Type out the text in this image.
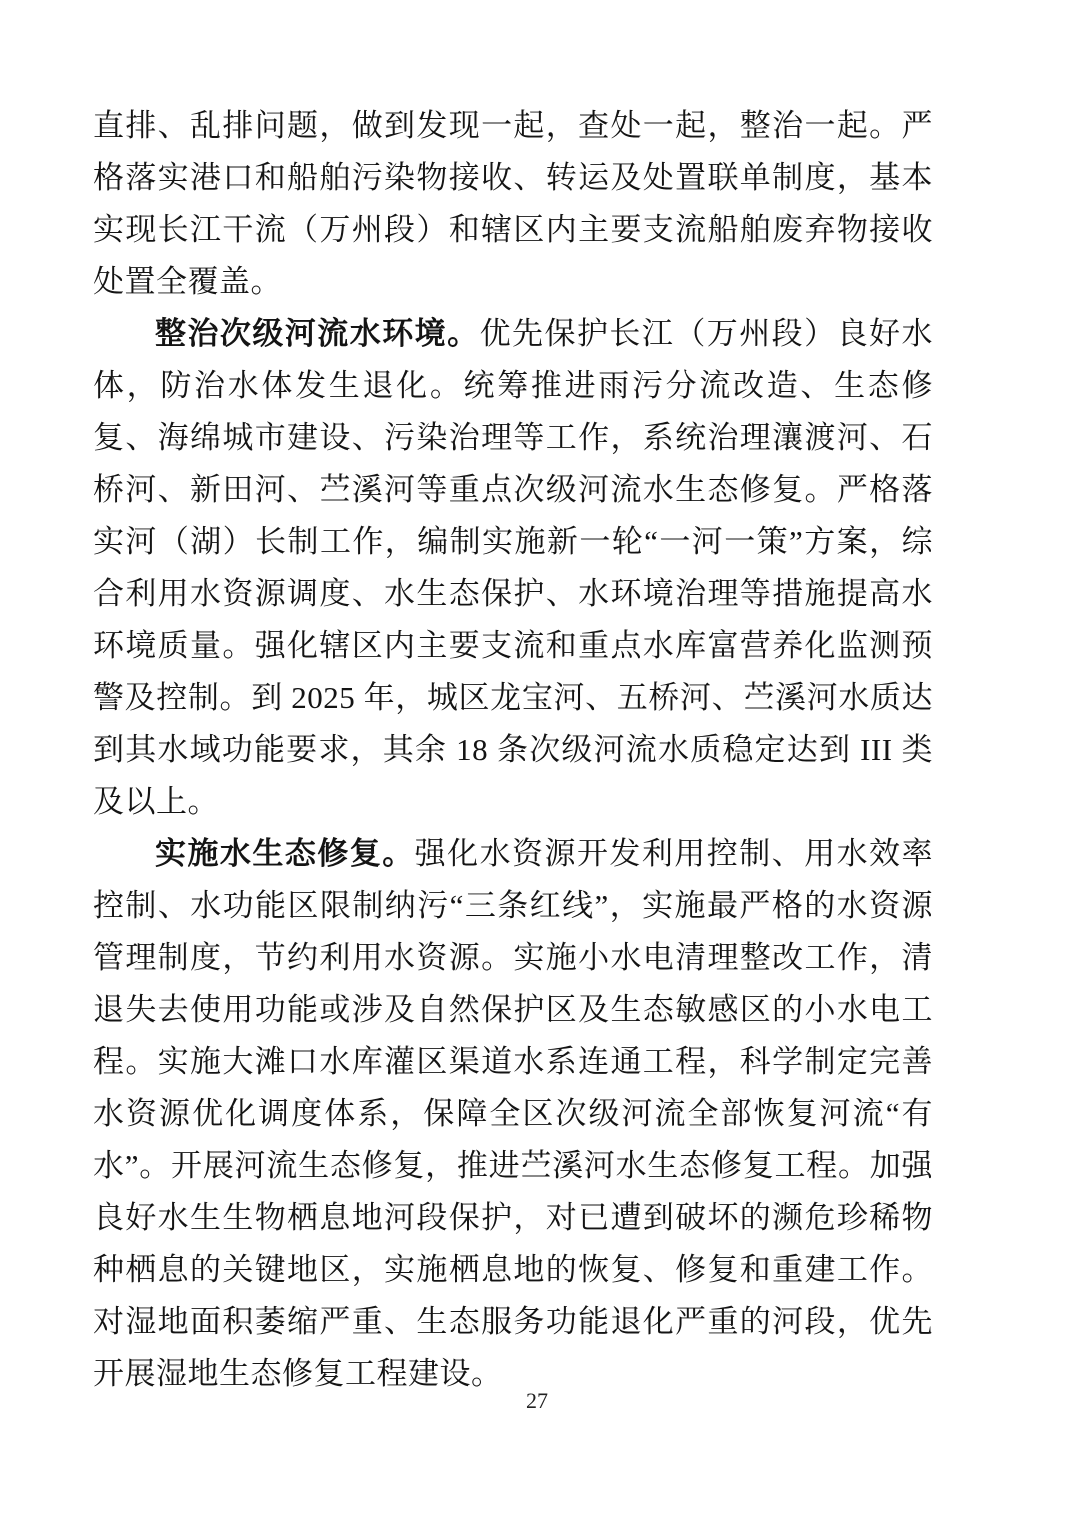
直排、乱排问题，做到发现一起，查处一起，整治一起。严格落实港口和船舶污染物接收、转运及处置联单制度，基本实现长江干流（万州段）和辖区内主要支流船舶废弃物接收处置全覆盖。

整治次级河流水环境。优先保护长江（万州段）良好水体，防治水体发生退化。统筹推进雨污分流改造、生态修复、海绵城市建设、污染治理等工作，系统治理瀼渡河、石桥河、新田河、苎溪河等重点次级河流水生态修复。严格落实河（湖）长制工作，编制实施新一轮“一河一策”方案，综合利用水资源调度、水生态保护、水环境治理等措施提高水环境质量。强化辖区内主要支流和重点水库富营养化监测预警及控制。到 2025 年，城区龙宝河、五桥河、苎溪河水质达到其水域功能要求，其余 18 条次级河流水质稳定达到 III 类及以上。

实施水生态修复。强化水资源开发利用控制、用水效率控制、水功能区限制纳污“三条红线”，实施最严格的水资源管理制度，节约利用水资源。实施小水电清理整改工作，清退失去使用功能或涉及自然保护区及生态敏感区的小水电工程。实施大滩口水库灌区渠道水系连通工程，科学制定完善水资源优化调度体系，保障全区次级河流全部恢复河流“有水”。开展河流生态修复，推进苎溪河水生态修复工程。加强良好水生生物栖息地河段保护，对已遭到破坏的濒危珍稀物种栖息的关键地区，实施栖息地的恢复、修复和重建工作。对湿地面积萎缩严重、生态服务功能退化严重的河段，优先开展湿地生态修复工程建设。

27
